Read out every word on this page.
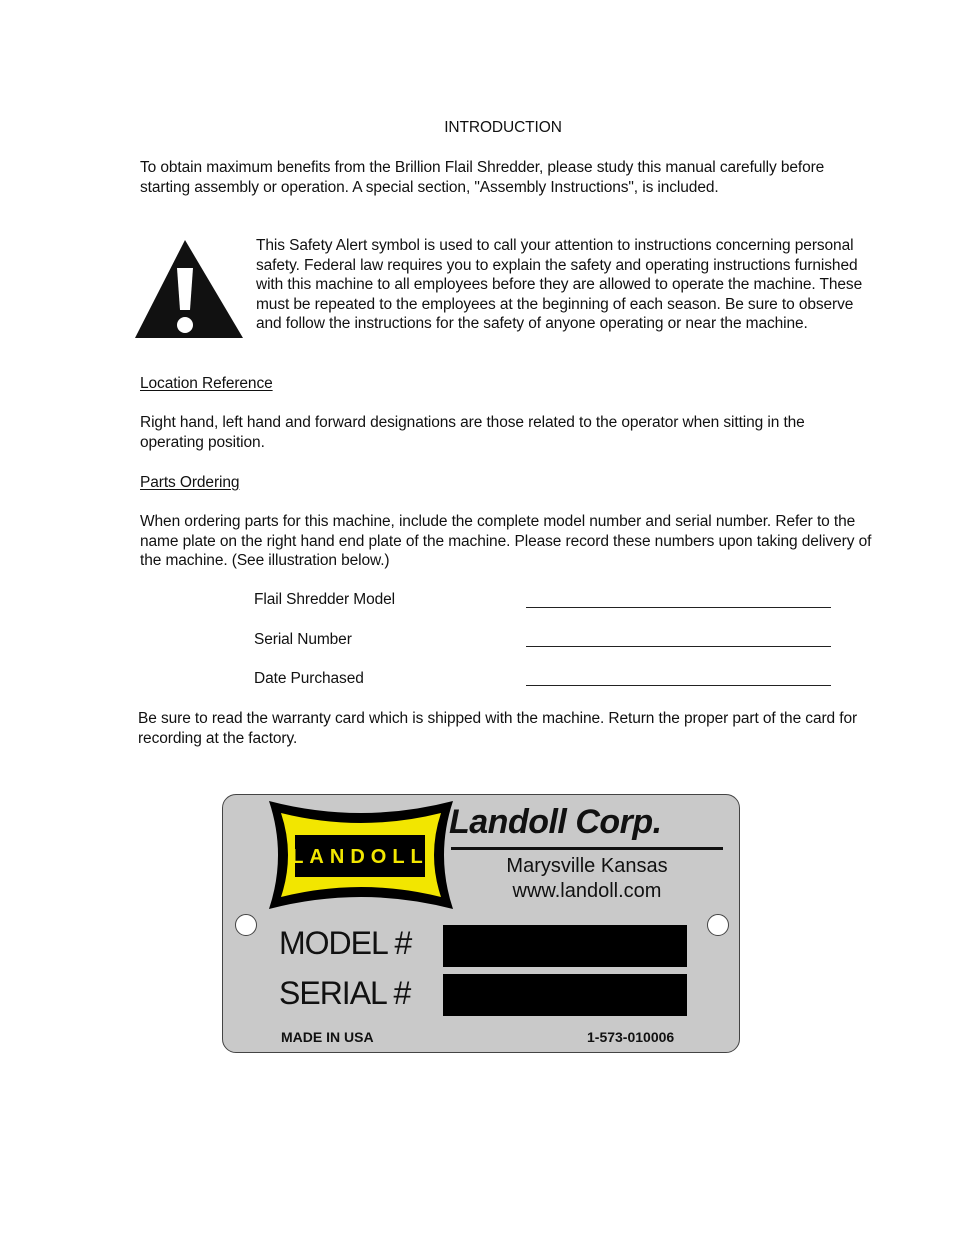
INTRODUCTION
To obtain maximum benefits from the Brillion Flail Shredder, please study this manual carefully before starting assembly or operation. A special section, "Assembly Instructions", is included.
This Safety Alert symbol is used to call your attention to instructions concerning personal safety. Federal law requires you to explain the safety and operating instructions furnished with this machine to all employees before they are allowed to operate the machine. These must be repeated to the employees at the beginning of each season. Be sure to observe and follow the instructions for the safety of anyone operating or near the machine.
Location Reference
Right hand, left hand and forward designations are those related to the operator when sitting in the operating position.
Parts Ordering
When ordering parts for this machine, include the complete model number and serial number. Refer to the name plate on the right hand end plate of the machine. Please record these numbers upon taking delivery of the machine. (See illustration below.)
Flail Shredder Model
Serial Number
Date Purchased
Be sure to read the warranty card which is shipped with the machine. Return the proper part of the card for recording at the factory.
LANDOLL
Landoll Corp.
Marysville Kansas
www.landoll.com
MODEL #
SERIAL #
MADE IN USA	1-573-010006
